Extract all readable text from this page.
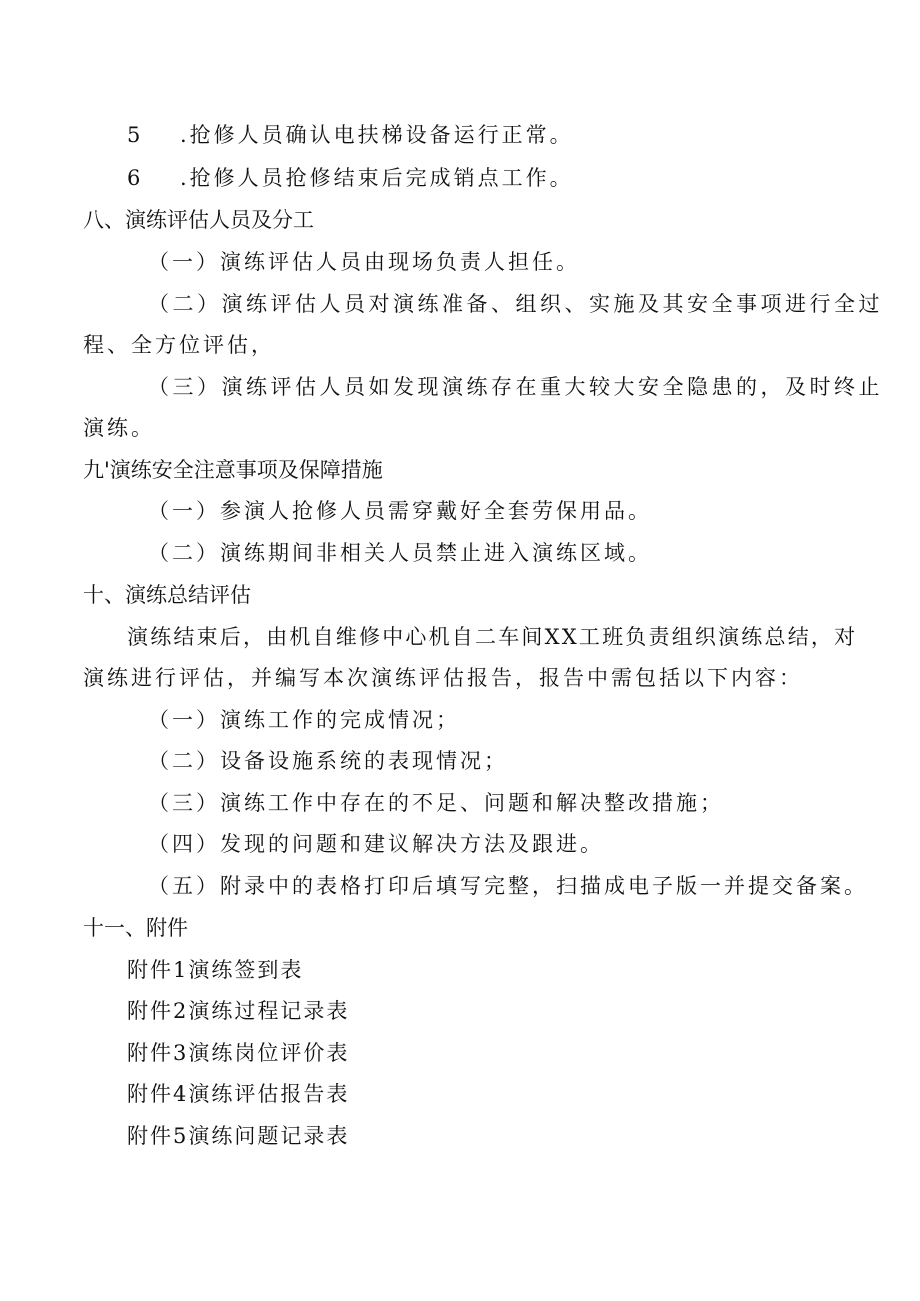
5 .抢修人员确认电扶梯设备运行正常。
6 .抢修人员抢修结束后完成销点工作。
八、演练评估人员及分工
（一）演练评估人员由现场负责人担任。
（二）演练评估人员对演练准备、组织、实施及其安全事项进行全过
程、全方位评估，
（三）演练评估人员如发现演练存在重大较大安全隐患的，及时终止
演练。
九'演练安全注意事项及保障措施
（一）参演人抢修人员需穿戴好全套劳保用品。
（二）演练期间非相关人员禁止进入演练区域。
十、演练总结评估
演练结束后，由机自维修中心机自二车间XX工班负责组织演练总结，对
演练进行评估，并编写本次演练评估报告，报告中需包括以下内容：
（一）演练工作的完成情况；
（二）设备设施系统的表现情况；
（三）演练工作中存在的不足、问题和解决整改措施；
（四）发现的问题和建议解决方法及跟进。
（五）附录中的表格打印后填写完整，扫描成电子版一并提交备案。
十一、附件
附件1演练签到表
附件2演练过程记录表
附件3演练岗位评价表
附件4演练评估报告表
附件5演练问题记录表
